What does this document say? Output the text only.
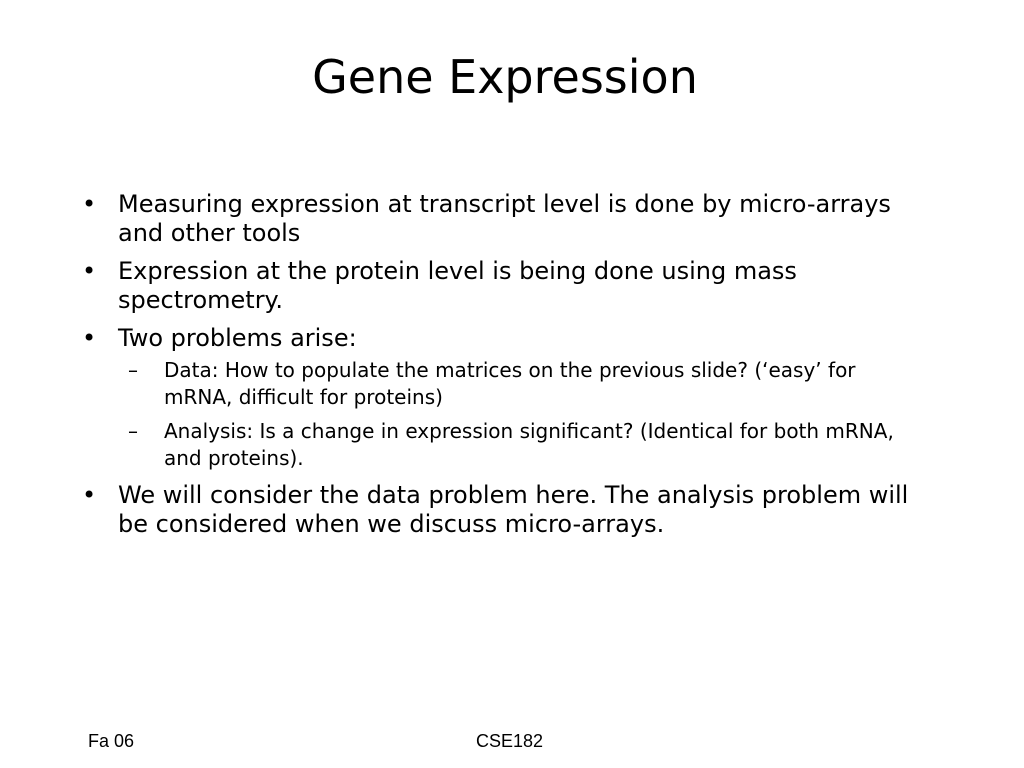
Gene Expression
• Measuring expression at transcript level is done by micro-arrays and other tools
• Expression at the protein level is being done using mass spectrometry.
• Two problems arise:
– Data: How to populate the matrices on the previous slide? (‘easy’ for mRNA, difficult for proteins)
– Analysis: Is a change in expression significant? (Identical for both mRNA, and proteins).
• We will consider the data problem here. The analysis problem will be considered when we discuss micro-arrays.
Fa 06	CSE182
